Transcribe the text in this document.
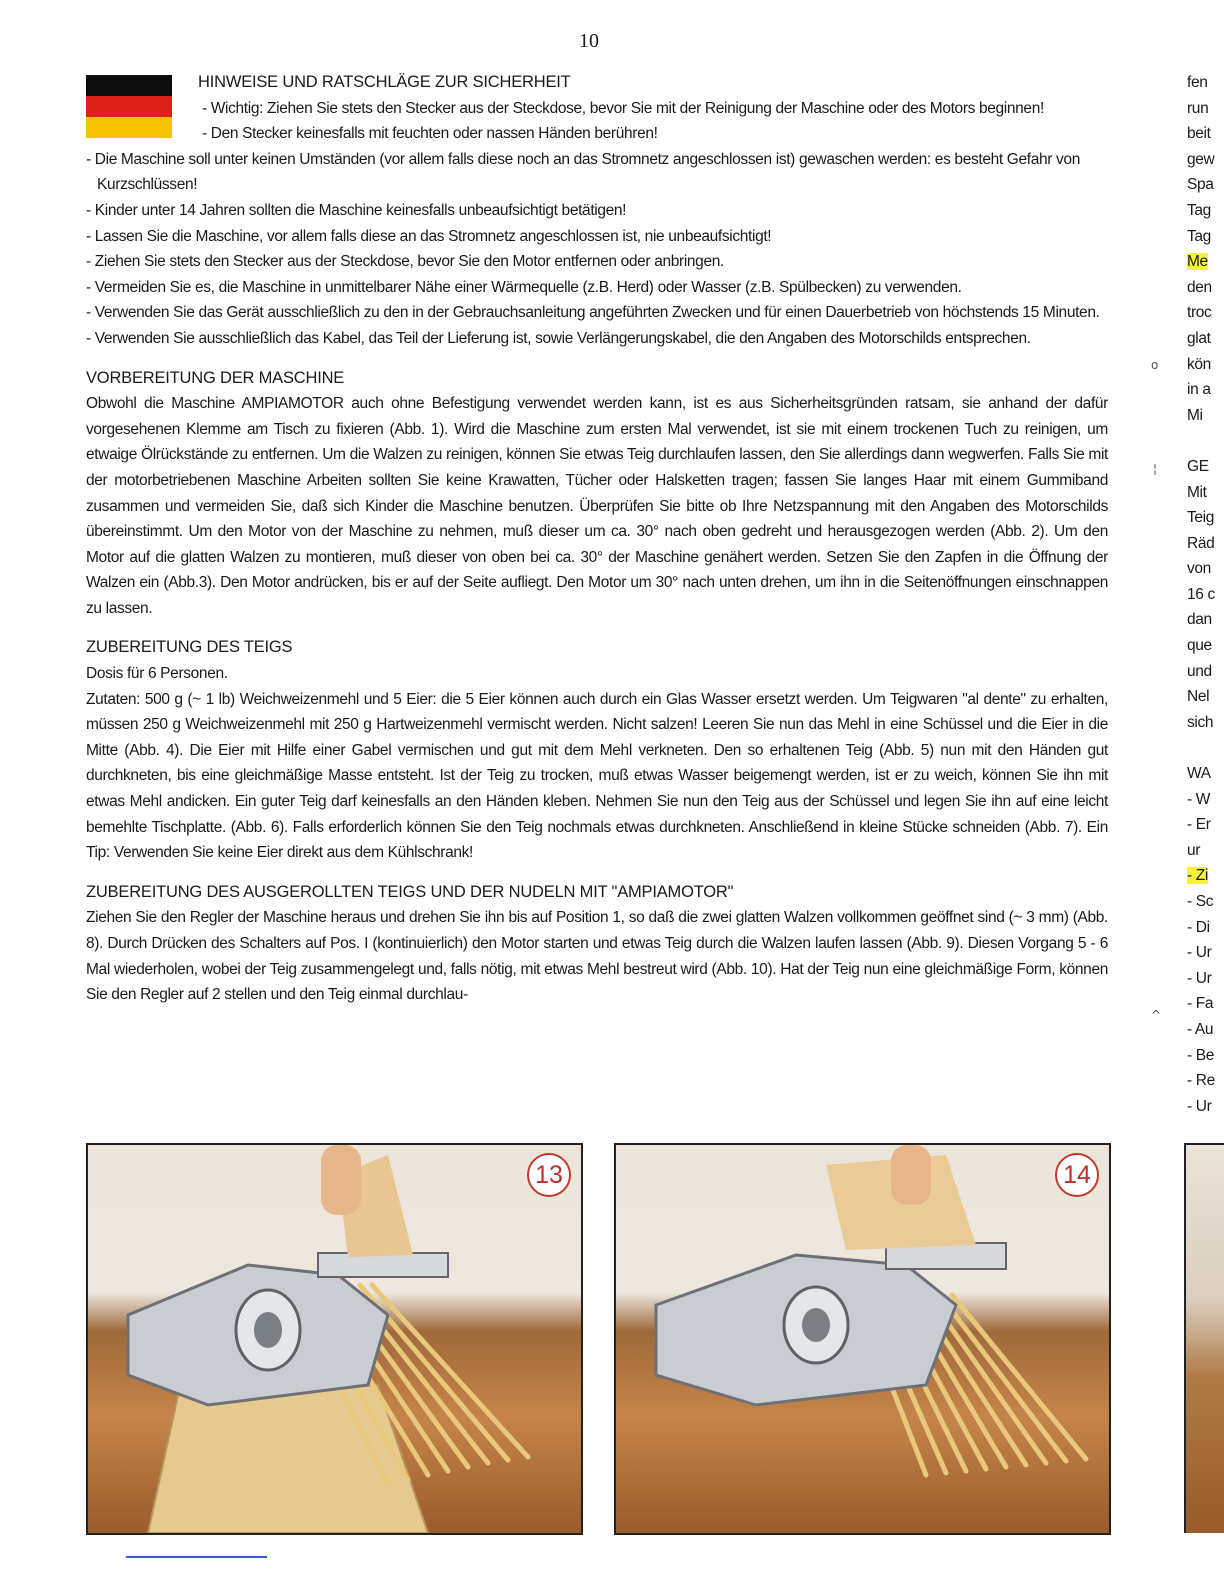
10
HINWEISE UND RATSCHLÄGE ZUR SICHERHEIT

- Wichtig: Ziehen Sie stets den Stecker aus der Steckdose, bevor Sie mit der Reinigung der Maschine oder des Motors beginnen!

- Den Stecker keinesfalls mit feuchten oder nassen Händen berühren!

- Die Maschine soll unter keinen Umständen (vor allem falls diese noch an das Stromnetz angeschlossen ist) gewaschen werden: es besteht Gefahr von Kurzschlüssen!
- Kinder unter 14 Jahren sollten die Maschine keinesfalls unbeaufsichtigt betätigen!
- Lassen Sie die Maschine, vor allem falls diese an das Stromnetz angeschlossen ist, nie unbeaufsichtigt!
- Ziehen Sie stets den Stecker aus der Steckdose, bevor Sie den Motor entfernen oder anbringen.
- Vermeiden Sie es, die Maschine in unmittelbarer Nähe einer Wärmequelle (z.B. Herd) oder Wasser (z.B. Spülbecken) zu verwenden.
- Verwenden Sie das Gerät ausschließlich zu den in der Gebrauchsanleitung angeführten Zwecken und für einen Dauerbetrieb von höchstends 15 Minuten.
- Verwenden Sie ausschließlich das Kabel, das Teil der Lieferung ist, sowie Verlängerungskabel, die den Angaben des Motorschilds entsprechen.
VORBEREITUNG DER MASCHINE

Obwohl die Maschine AMPIAMOTOR auch ohne Befestigung verwendet werden kann, ist es aus Sicherheitsgründen ratsam, sie anhand der dafür vorgesehenen Klemme am Tisch zu fixieren (Abb. 1). Wird die Maschine zum ersten Mal verwendet, ist sie mit einem trockenen Tuch zu reinigen, um etwaige Ölrückstände zu entfernen. Um die Walzen zu reinigen, können Sie etwas Teig durchlaufen lassen, den Sie allerdings dann wegwerfen. Falls Sie mit der motorbetriebenen Maschine Arbeiten sollten Sie keine Krawatten, Tücher oder Halsketten tragen; fassen Sie langes Haar mit einem Gummiband zusammen und vermeiden Sie, daß sich Kinder die Maschine benutzen. Überprüfen Sie bitte ob Ihre Netzspannung mit den Angaben des Motorschilds übereinstimmt. Um den Motor von der Maschine zu nehmen, muß dieser um ca. 30° nach oben gedreht und herausgezogen werden (Abb. 2). Um den Motor auf die glatten Walzen zu montieren, muß dieser von oben bei ca. 30° der Maschine genähert werden. Setzen Sie den Zapfen in die Öffnung der Walzen ein (Abb.3). Den Motor andrücken, bis er auf der Seite aufliegt. Den Motor um 30° nach unten drehen, um ihn in die Seitenöffnungen einschnappen zu lassen.

ZUBEREITUNG DES TEIGS

Dosis für 6 Personen.

Zutaten: 500 g (~ 1 lb) Weichweizenmehl und 5 Eier: die 5 Eier können auch durch ein Glas Wasser ersetzt werden. Um Teigwaren "al dente" zu erhalten, müssen 250 g Weichweizenmehl mit 250 g Hartweizenmehl vermischt werden. Nicht salzen! Leeren Sie nun das Mehl in eine Schüssel und die Eier in die Mitte (Abb. 4). Die Eier mit Hilfe einer Gabel vermischen und gut mit dem Mehl verkneten. Den so erhaltenen Teig (Abb. 5) nun mit den Händen gut durchkneten, bis eine gleichmäßige Masse entsteht. Ist der Teig zu trocken, muß etwas Wasser beigemengt werden, ist er zu weich, können Sie ihn mit etwas Mehl andicken. Ein guter Teig darf keinesfalls an den Händen kleben. Nehmen Sie nun den Teig aus der Schüssel und legen Sie ihn auf eine leicht bemehlte Tischplatte. (Abb. 6). Falls erforderlich können Sie den Teig nochmals etwas durchkneten. Anschließend in kleine Stücke schneiden (Abb. 7). Ein Tip: Verwenden Sie keine Eier direkt aus dem Kühlschrank!

ZUBEREITUNG DES AUSGEROLLTEN TEIGS UND DER NUDELN MIT "AMPIAMOTOR"

Ziehen Sie den Regler der Maschine heraus und drehen Sie ihn bis auf Position 1, so daß die zwei glatten Walzen vollkommen geöffnet sind (~ 3 mm) (Abb. 8). Durch Drücken des Schalters auf Pos. I (kontinuierlich) den Motor starten und etwas Teig durch die Walzen laufen lassen (Abb. 9). Diesen Vorgang 5 - 6 Mal wiederholen, wobei der Teig zusammengelegt und, falls nötig, mit etwas Mehl bestreut wird (Abb. 10). Hat der Teig nun eine gleichmäßige Form, können Sie den Regler auf 2 stellen und den Teig einmal durchlau-

13	14
fen
run
beit
gew
Spa
Tag
Tag
Me
den
troc
glat
kön
in a
Mi
GE
Mit
Teig
Räd
von
16 c
dan
que
und
Nel
sich
WA
- W
- Er
ur
- Zi
- Sc
- Di
- Ur
- Ur
- Fa
- Au
- Be
- Re
- Ur
o
¦
^
